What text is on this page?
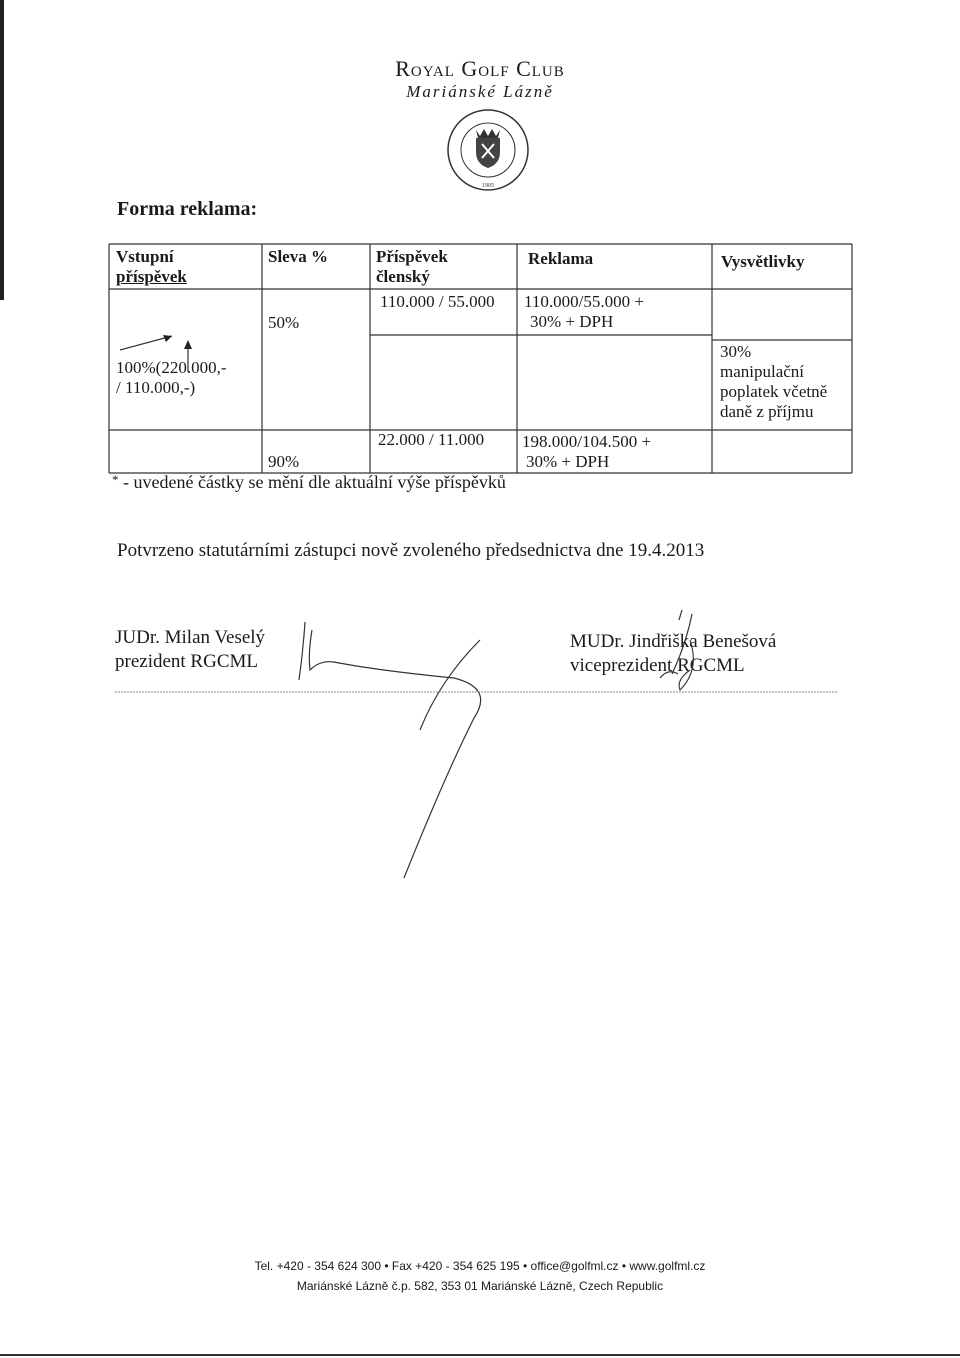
Royal Golf Club
Mariánské Lázně
1905
Forma reklama:
Vstupní
příspěvek
Sleva %	Příspěvek
členský
Reklama	Vysvětlivky
50%
110.000 / 55.000 110.000/55.000 +
30% + DPH
100%(220.000,-
/ 110.000,-)
30%
manipulační
poplatek včetně
daně z příjmu
90%
22.000 / 11.000 198.000/104.500 +
30% + DPH
* - uvedené částky se mění dle aktuální výše příspěvků
Potvrzeno statutárními zástupci nově zvoleného předsednictva dne 19.4.2013
JUDr. Milan Veselý
prezident RGCML
MUDr. Jindřiška Benešová
viceprezident RGCML
Tel. +420 - 354 624 300 • Fax +420 - 354 625 195 • office@golfml.cz • www.golfml.cz
Mariánské Lázně č.p. 582, 353 01 Mariánské Lázně, Czech Republic
